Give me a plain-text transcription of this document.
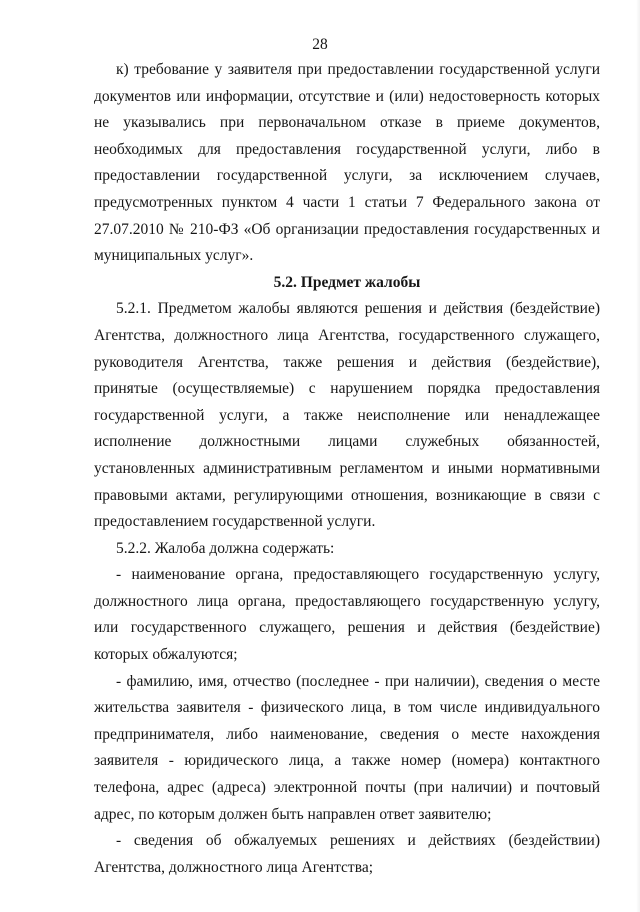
28

к) требование у заявителя при предоставлении государственной услуги документов или информации, отсутствие и (или) недостоверность которых не указывались при первоначальном отказе в приеме документов, необходимых для предоставления государственной услуги, либо в предоставлении государственной услуги, за исключением случаев, предусмотренных пунктом 4 части 1 статьи 7 Федерального закона от 27.07.2010 № 210-ФЗ «Об организации предоставления государственных и муниципальных услуг».

5.2. Предмет жалобы

5.2.1. Предметом жалобы являются решения и действия (бездействие) Агентства, должностного лица Агентства, государственного служащего, руководителя Агентства, также решения и действия (бездействие), принятые (осуществляемые) с нарушением порядка предоставления государственной услуги, а также неисполнение или ненадлежащее исполнение должностными лицами служебных обязанностей, установленных административным регламентом и иными нормативными правовыми актами, регулирующими отношения, возникающие в связи с предоставлением государственной услуги.

5.2.2. Жалоба должна содержать:

- наименование органа, предоставляющего государственную услугу, должностного лица органа, предоставляющего государственную услугу, или государственного служащего, решения и действия (бездействие) которых обжалуются;

- фамилию, имя, отчество (последнее - при наличии), сведения о месте жительства заявителя - физического лица, в том числе индивидуального предпринимателя, либо наименование, сведения о месте нахождения заявителя - юридического лица, а также номер (номера) контактного телефона, адрес (адреса) электронной почты (при наличии) и почтовый адрес, по которым должен быть направлен ответ заявителю;

- сведения об обжалуемых решениях и действиях (бездействии) Агентства, должностного лица Агентства;
